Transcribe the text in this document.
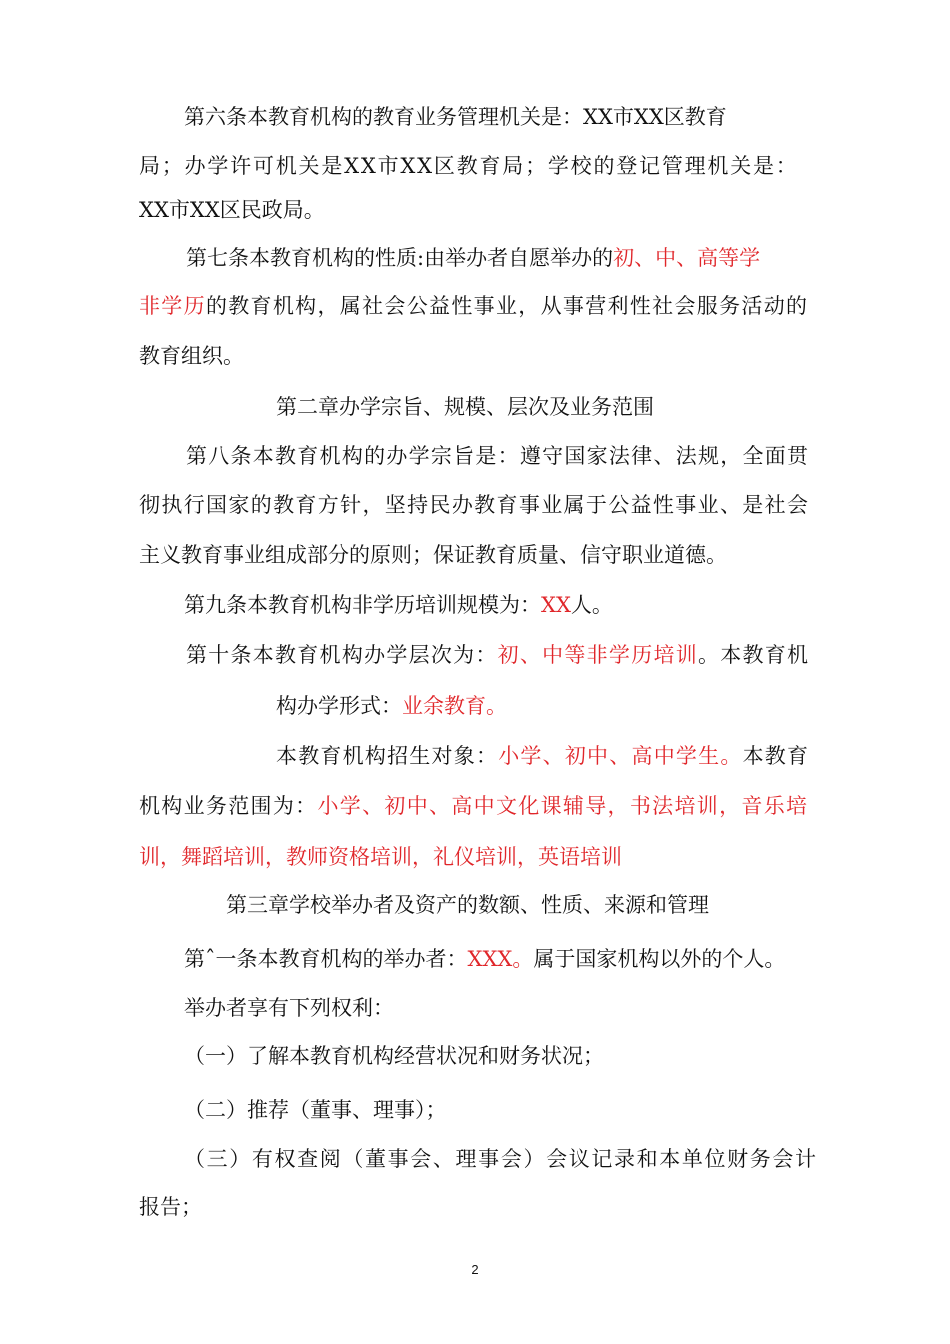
第六条本教育机构的教育业务管理机关是：XX市XX区教育
局；办学许可机关是XX市XX区教育局；学校的登记管理机关是：
XX市XX区民政局。
第七条本教育机构的性质:由举办者自愿举办的初、中、高等学
非学历的教育机构，属社会公益性事业，从事营利性社会服务活动的
教育组织。
第二章办学宗旨、规模、层次及业务范围
第八条本教育机构的办学宗旨是：遵守国家法律、法规，全面贯
彻执行国家的教育方针，坚持民办教育事业属于公益性事业、是社会
主义教育事业组成部分的原则；保证教育质量、信守职业道德。
第九条本教育机构非学历培训规模为：XX人。
第十条本教育机构办学层次为：初、中等非学历培训。本教育机
构办学形式：业余教育。
本教育机构招生对象：小学、初中、高中学生。本教育
机构业务范围为：小学、初中、高中文化课辅导，书法培训，音乐培
训，舞蹈培训，教师资格培训，礼仪培训，英语培训
第三章学校举办者及资产的数额、性质、来源和管理
第ˆ一条本教育机构的举办者：XXX。属于国家机构以外的个人。
举办者享有下列权利：
（一）了解本教育机构经营状况和财务状况；
（二）推荐（董事、理事）；
（三）有权查阅（董事会、理事会）会议记录和本单位财务会计
报告；
2
